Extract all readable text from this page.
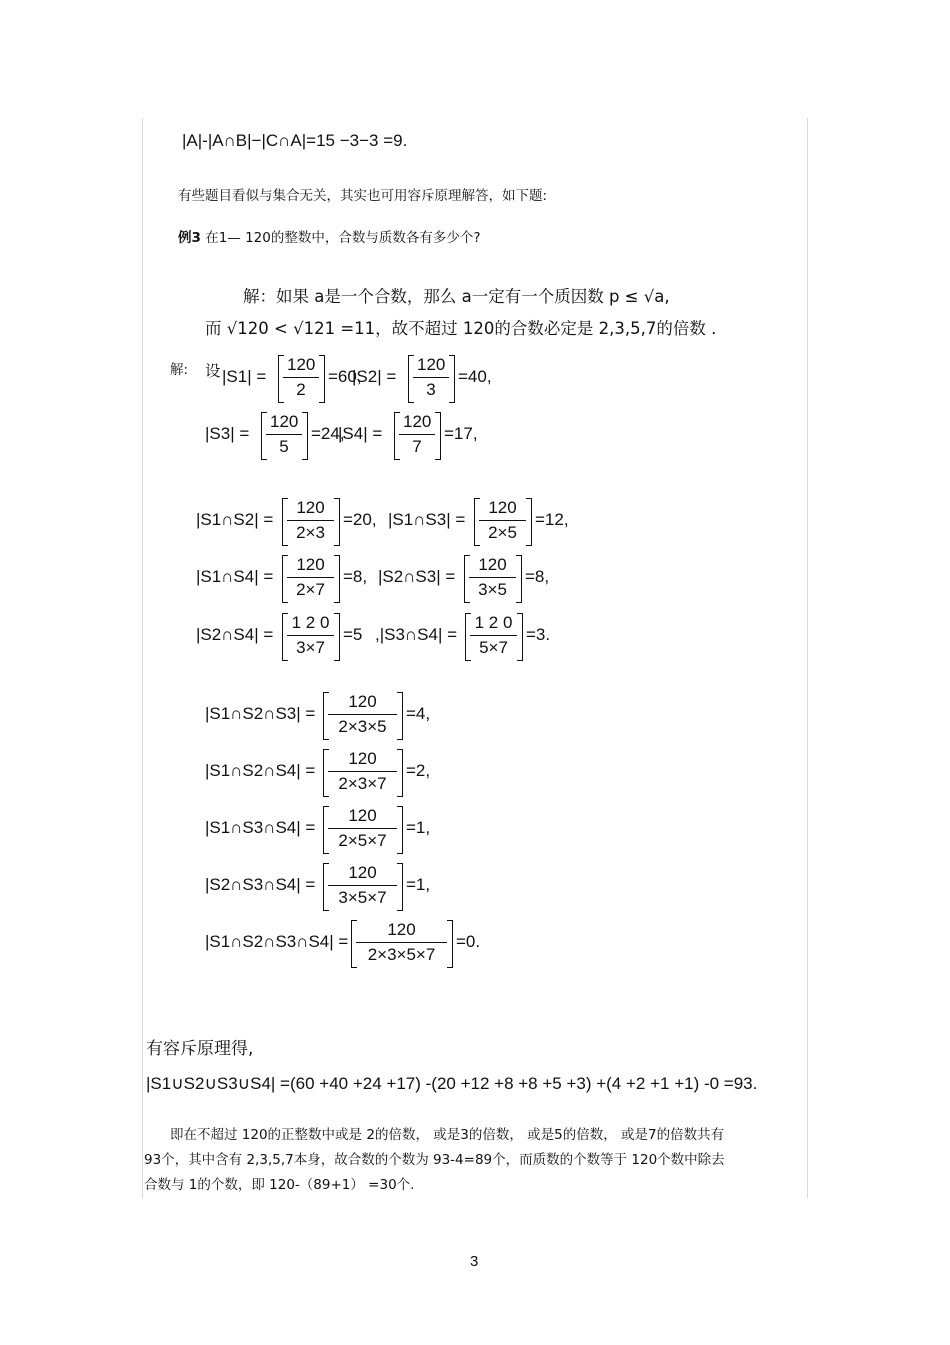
|A|-|A∩B|−|C∩A|=15 −3−3 =9.
有些题目看似与集合无关，其实也可用容斥原理解答，如下题:
例3 在1— 120的整数中，合数与质数各有多少个?
解：如果 a是一个合数，那么 a一定有一个质因数 p ≤ √a,
而 √120 < √121 =11，故不超过 120的合数必定是 2,3,5,7的倍数 .
解: 设 $|S1| = \frac{120}{2} =60$,
$|S2| = \frac{120}{3} =40$,
$|S3| = \frac{120}{5} =24$,
$|S4| = \frac{120}{7} =17$,
|S1∩S2| = $\frac{120}{2\times 3} =20$, |S1∩S3| = $\frac{120}{2\times 5} =12$,
|S1∩S4| = $\frac{120}{2\times 7} =8$, |S2∩S3| = $\frac{120}{3\times 5} =8$,
|S2∩S4| = $\frac{1 2 0}{3\times 7} =5$ ,|S3∩S4| = $\frac{1 2 0}{5\times 7} =3$.
|S1∩S2∩S3| = $\frac{120}{2\times 3\times 5} =4$,
|S1∩S2∩S4| = $\frac{120}{2\times 3\times 7} =2$,
|S1∩S3∩S4| = $\frac{120}{2\times 5\times 7} =1$,
|S2∩S3∩S4| = $\frac{120}{3\times 5\times 7} =1$,
|S1∩S2∩S3∩S4| = $\frac{120}{2\times 3\times 5\times 7} =0$.
有容斥原理得,
|S1∪S2∪S3∪S4| =(60 +40 +24 +17) -(20 +12 +8 +8 +5 +3) +(4 +2 +1 +1) -0 =93.
即在不超过 120的正整数中或是 2的倍数， 或是3的倍数， 或是5的倍数， 或是7的倍数共有
93个，其中含有 2,3,5,7本身，故合数的个数为 93-4=89个，而质数的个数等于 120个数中除去
合数与 1的个数，即 120-（89+1） =30个.
3
